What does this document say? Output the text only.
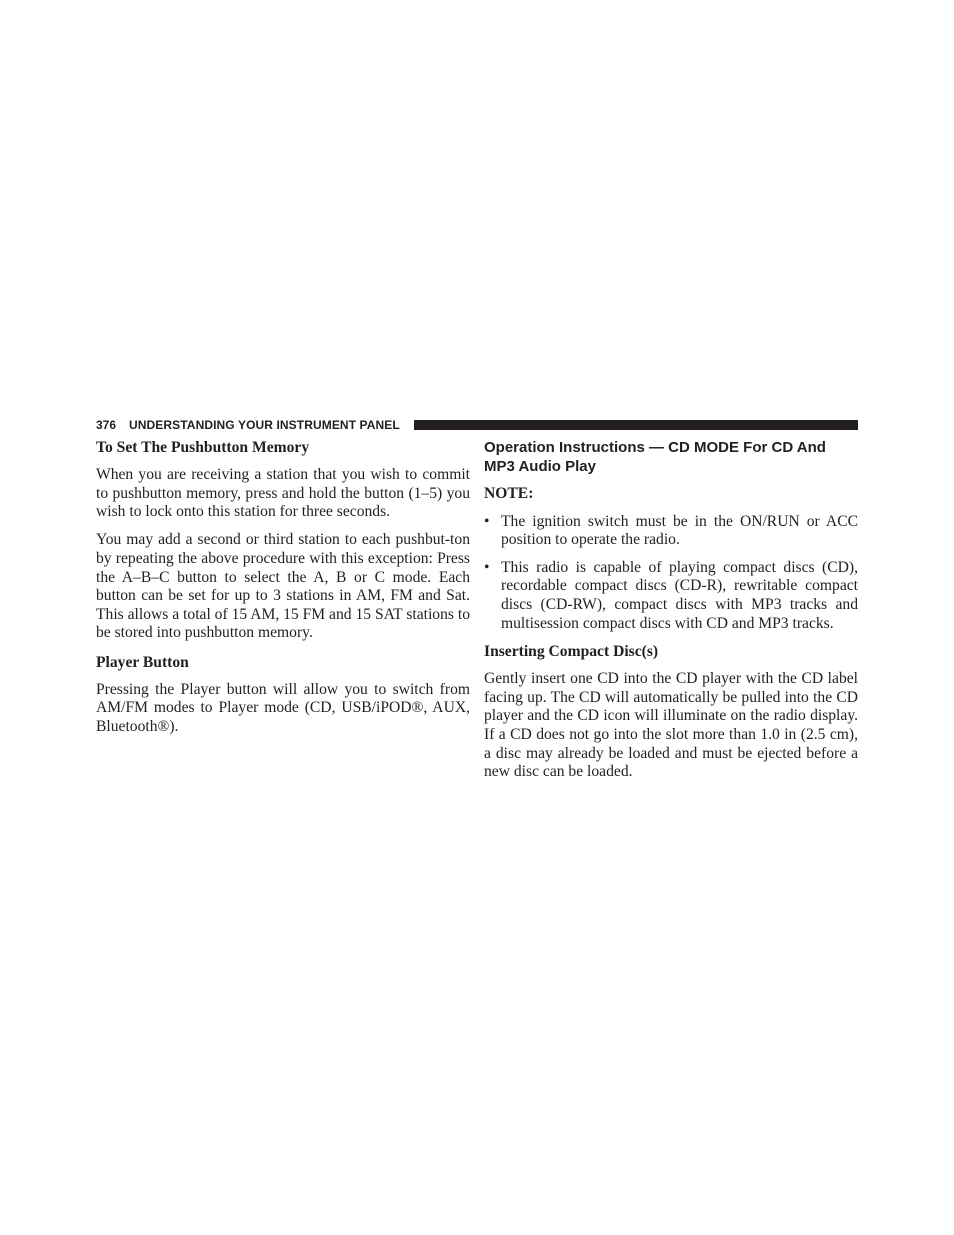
376 UNDERSTANDING YOUR INSTRUMENT PANEL
To Set The Pushbutton Memory

When you are receiving a station that you wish to commit to pushbutton memory, press and hold the button (1–5) you wish to lock onto this station for three seconds.

You may add a second or third station to each pushbut-ton by repeating the above procedure with this exception: Press the A–B–C button to select the A, B or C mode. Each button can be set for up to 3 stations in AM, FM and Sat. This allows a total of 15 AM, 15 FM and 15 SAT stations to be stored into pushbutton memory.

Player Button

Pressing the Player button will allow you to switch from AM/FM modes to Player mode (CD, USB/iPOD®, AUX, Bluetooth®).

Operation Instructions — CD MODE For CD And MP3 Audio Play
NOTE:
• The ignition switch must be in the ON/RUN or ACC position to operate the radio.
• This radio is capable of playing compact discs (CD), recordable compact discs (CD-R), rewritable compact discs (CD-RW), compact discs with MP3 tracks and multisession compact discs with CD and MP3 tracks.
Inserting Compact Disc(s)

Gently insert one CD into the CD player with the CD label facing up. The CD will automatically be pulled into the CD player and the CD icon will illuminate on the radio display. If a CD does not go into the slot more than 1.0 in (2.5 cm), a disc may already be loaded and must be ejected before a new disc can be loaded.
